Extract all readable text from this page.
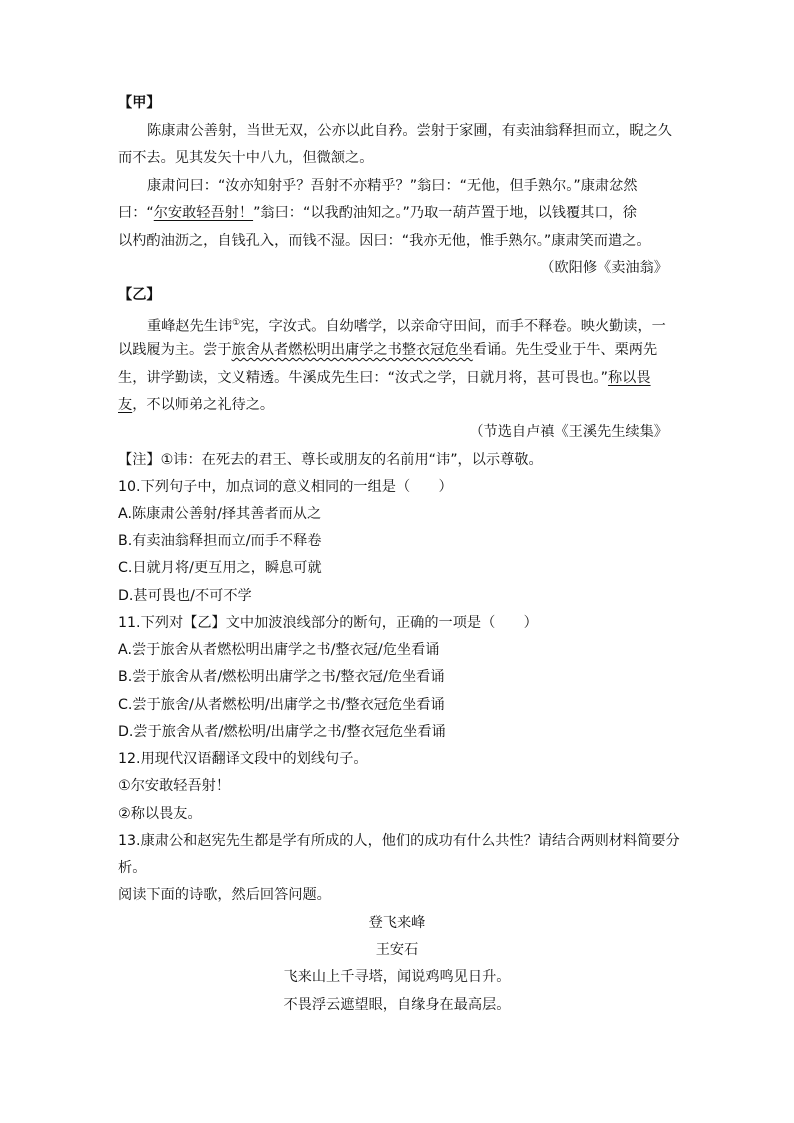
【甲】
陈康肃公善射，当世无双，公亦以此自矜。尝射于家圃，有卖油翁释担而立，睨之久
而不去。见其发矢十中八九，但微颔之。
康肃问曰：“汝亦知射乎？吾射不亦精乎？”翁曰：“无他，但手熟尔。”康肃忿然
曰：“尔安敢轻吾射！”翁曰：“以我酌油知之。”乃取一葫芦置于地，以钱覆其口，徐
以杓酌油沥之，自钱孔入，而钱不湿。因曰：“我亦无他，惟手熟尔。”康肃笑而遣之。
（欧阳修《卖油翁》
【乙】
重峰赵先生讳①宪，字汝式。自幼嗜学，以亲命守田间，而手不释卷。映火勤读，一
以践履为主。尝于旅舍从者燃松明出庸学之书整衣冠危坐看诵。先生受业于牛、栗两先
生，讲学勤读，文义精透。牛溪成先生曰：“汝式之学，日就月将，甚可畏也。”称以畏
友，不以师弟之礼待之。
（节选自卢禛《王溪先生续集》
【注】①讳：在死去的君王、尊长或朋友的名前用“讳”，以示尊敬。
10.下列句子中，加点词的意义相同的一组是（　　）
A.陈康肃公善射/择其善者而从之
B.有卖油翁释担而立/而手不释卷
C.日就月将/更互用之，瞬息可就
D.甚可畏也/不可不学
11.下列对【乙】文中加波浪线部分的断句，正确的一项是（　　）
A.尝于旅舍从者燃松明出庸学之书/整衣冠/危坐看诵
B.尝于旅舍从者/燃松明出庸学之书/整衣冠/危坐看诵
C.尝于旅舍/从者燃松明/出庸学之书/整衣冠危坐看诵
D.尝于旅舍从者/燃松明/出庸学之书/整衣冠危坐看诵
12.用现代汉语翻译文段中的划线句子。
①尔安敢轻吾射！
②称以畏友。
13.康肃公和赵宪先生都是学有所成的人，他们的成功有什么共性？请结合两则材料简要分
析。
阅读下面的诗歌，然后回答问题。
登飞来峰
王安石
飞来山上千寻塔，闻说鸡鸣见日升。
不畏浮云遮望眼，自缘身在最高层。
